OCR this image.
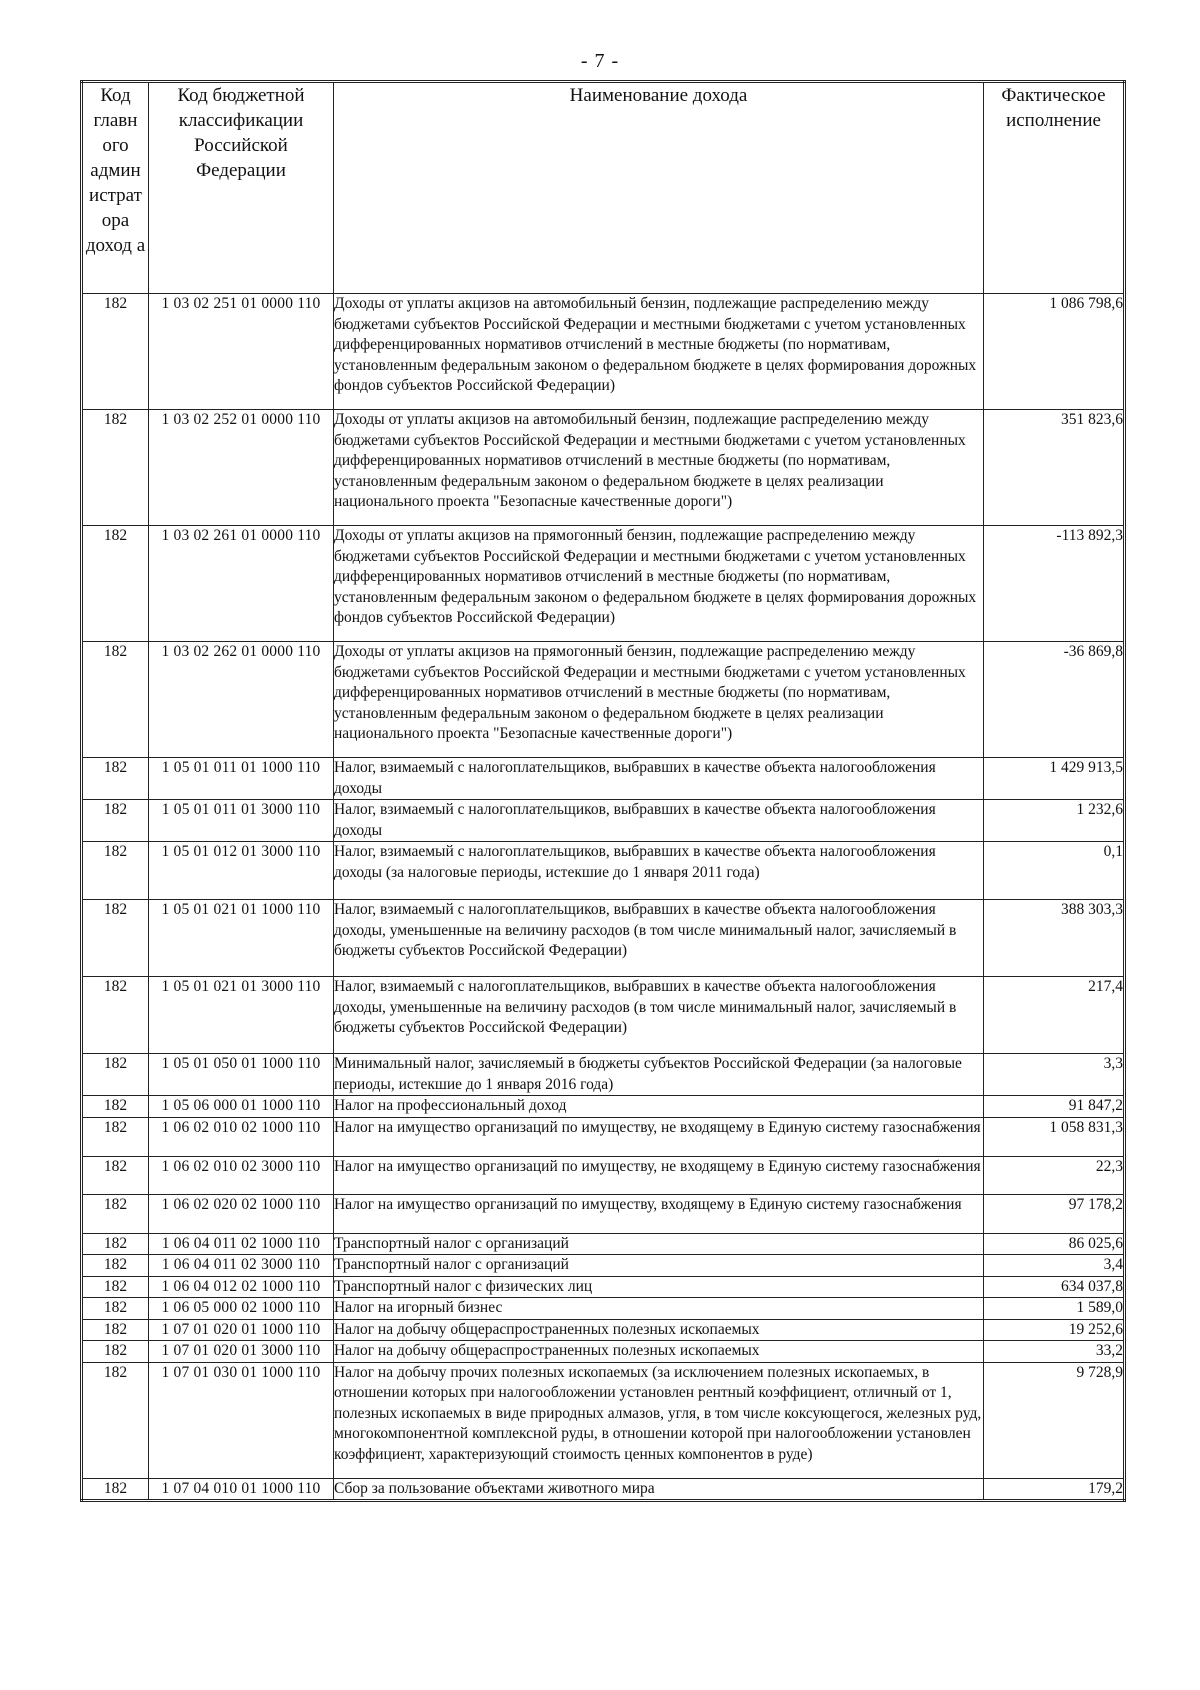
- 7 -
Код главн ого админ истрат ора доход а	Код бюджетной классификации Российской Федерации	Наименование дохода	Фактическое исполнение
182	1 03 02 251 01 0000 110	Доходы от уплаты акцизов на автомобильный бензин, подлежащие распределению между бюджетами субъектов Российской Федерации и местными бюджетами с учетом установленных дифференцированных нормативов отчислений в местные бюджеты (по нормативам, установленным федеральным законом о федеральном бюджете в целях формирования дорожных фондов субъектов Российской Федерации)	1 086 798,6
182	1 03 02 252 01 0000 110	Доходы от уплаты акцизов на автомобильный бензин, подлежащие распределению между бюджетами субъектов Российской Федерации и местными бюджетами с учетом установленных дифференцированных нормативов отчислений в местные бюджеты (по нормативам, установленным федеральным законом о федеральном бюджете в целях реализации национального проекта "Безопасные качественные дороги")	351 823,6
182	1 03 02 261 01 0000 110	Доходы от уплаты акцизов на прямогонный бензин, подлежащие распределению между бюджетами субъектов Российской Федерации и местными бюджетами с учетом установленных дифференцированных нормативов отчислений в местные бюджеты (по нормативам, установленным федеральным законом о федеральном бюджете в целях формирования дорожных фондов субъектов Российской Федерации)	-113 892,3
182	1 03 02 262 01 0000 110	Доходы от уплаты акцизов на прямогонный бензин, подлежащие распределению между бюджетами субъектов Российской Федерации и местными бюджетами с учетом установленных дифференцированных нормативов отчислений в местные бюджеты (по нормативам, установленным федеральным законом о федеральном бюджете в целях реализации национального проекта "Безопасные качественные дороги")	-36 869,8
182	1 05 01 011 01 1000 110	Налог, взимаемый с налогоплательщиков, выбравших в качестве объекта налогообложения доходы	1 429 913,5
182	1 05 01 011 01 3000 110	Налог, взимаемый с налогоплательщиков, выбравших в качестве объекта налогообложения доходы	1 232,6
182	1 05 01 012 01 3000 110	Налог, взимаемый с налогоплательщиков, выбравших в качестве объекта налогообложения доходы (за налоговые периоды, истекшие до 1 января 2011 года)	0,1
182	1 05 01 021 01 1000 110	Налог, взимаемый с налогоплательщиков, выбравших в качестве объекта налогообложения доходы, уменьшенные на величину расходов (в том числе минимальный налог, зачисляемый в бюджеты субъектов Российской Федерации)	388 303,3
182	1 05 01 021 01 3000 110	Налог, взимаемый с налогоплательщиков, выбравших в качестве объекта налогообложения доходы, уменьшенные на величину расходов (в том числе минимальный налог, зачисляемый в бюджеты субъектов Российской Федерации)	217,4
182	1 05 01 050 01 1000 110	Минимальный налог, зачисляемый в бюджеты субъектов Российской Федерации (за налоговые периоды, истекшие до 1 января 2016 года)	3,3
182	1 05 06 000 01 1000 110	Налог на профессиональный доход	91 847,2
182	1 06 02 010 02 1000 110	Налог на имущество организаций по имуществу, не входящему в Единую систему газоснабжения	1 058 831,3
182	1 06 02 010 02 3000 110	Налог на имущество организаций по имуществу, не входящему в Единую систему газоснабжения	22,3
182	1 06 02 020 02 1000 110	Налог на имущество организаций по имуществу, входящему в Единую систему газоснабжения	97 178,2
182	1 06 04 011 02 1000 110	Транспортный налог с организаций	86 025,6
182	1 06 04 011 02 3000 110	Транспортный налог с организаций	3,4
182	1 06 04 012 02 1000 110	Транспортный налог с физических лиц	634 037,8
182	1 06 05 000 02 1000 110	Налог на игорный бизнес	1 589,0
182	1 07 01 020 01 1000 110	Налог на добычу общераспространенных полезных ископаемых	19 252,6
182	1 07 01 020 01 3000 110	Налог на добычу общераспространенных полезных ископаемых	33,2
182	1 07 01 030 01 1000 110	Налог на добычу прочих полезных ископаемых (за исключением полезных ископаемых, в отношении которых при налогообложении установлен рентный коэффициент, отличный от 1, полезных ископаемых в виде природных алмазов, угля, в том числе коксующегося, железных руд, многокомпонентной комплексной руды, в отношении которой при налогообложении установлен коэффициент, характеризующий стоимость ценных компонентов в руде)	9 728,9
182	1 07 04 010 01 1000 110	Сбор за пользование объектами животного мира	179,2
